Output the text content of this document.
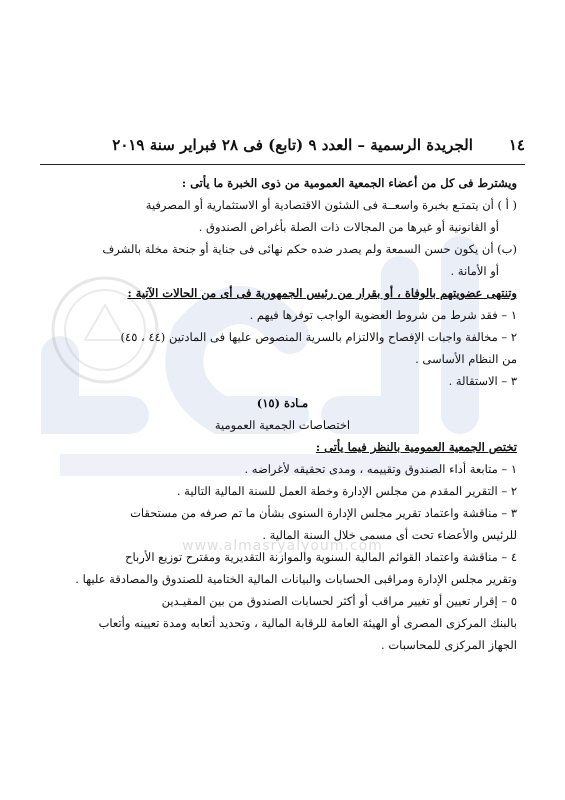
www.almasryalyoum.com
١٤
الجريدة الرسمية – العدد ٩ (تابع) فى ٢٨ فبراير سنة ٢٠١٩

ويشترط فى كل من أعضاء الجمعية العمومية من ذوى الخبرة ما يأتى :

( أ ) أن يتمتـع بخبرة واسعــة فى الشئون الاقتصادية أو الاستثمارية أو المصرفية

أو القانونية أو غيرها من المجالات ذات الصلة بأغراض الصندوق .

(ب) أن يكون حسن السمعة ولم يصدر ضده حكم نهائى فى جناية أو جنحة مخلة بالشرف

أو الأمانة .

وتنتهى عضويتهم بالوفاة ، أو بقرار من رئيس الجمهورية فى أى من الحالات الآتية :

١ – فقد شرط من شروط العضوية الواجب توفرها فيهم .

٢ – مخالفة واجبات الإفصاح والالتزام بالسرية المنصوص عليها فى المادتين (٤٤ ، ٤٥)

من النظام الأساسى .

٣ – الاستقالة .

مـادة (١٥)

اختصاصات الجمعية العمومية

تختص الجمعية العمومية بالنظر فيما يأتى :

١ – متابعة أداء الصندوق وتقييمه ، ومدى تحقيقه لأغراضه .

٢ – التقرير المقدم من مجلس الإدارة وخطة العمل للسنة المالية التالية .

٣ – مناقشة واعتماد تقرير مجلس الإدارة السنوى بشأن ما تم صرفه من مستحقات

للرئيس والأعضاء تحت أى مسمى خلال السنة المالية .

٤ – مناقشة واعتماد القوائم المالية السنوية والموازنة التقديرية ومقترح توزيع الأرباح

وتقرير مجلس الإدارة ومراقبى الحسابات والبيانات المالية الختامية للصندوق والمصادقة عليها .

٥ – إقرار تعيين أو تغيير مراقب أو أكثر لحسابات الصندوق من بين المقيـدين

بالبنك المركزى المصرى أو الهيئة العامة للرقابة المالية ، وتحديد أتعابه ومدة تعيينه وأتعاب

الجهاز المركزى للمحاسبات .
